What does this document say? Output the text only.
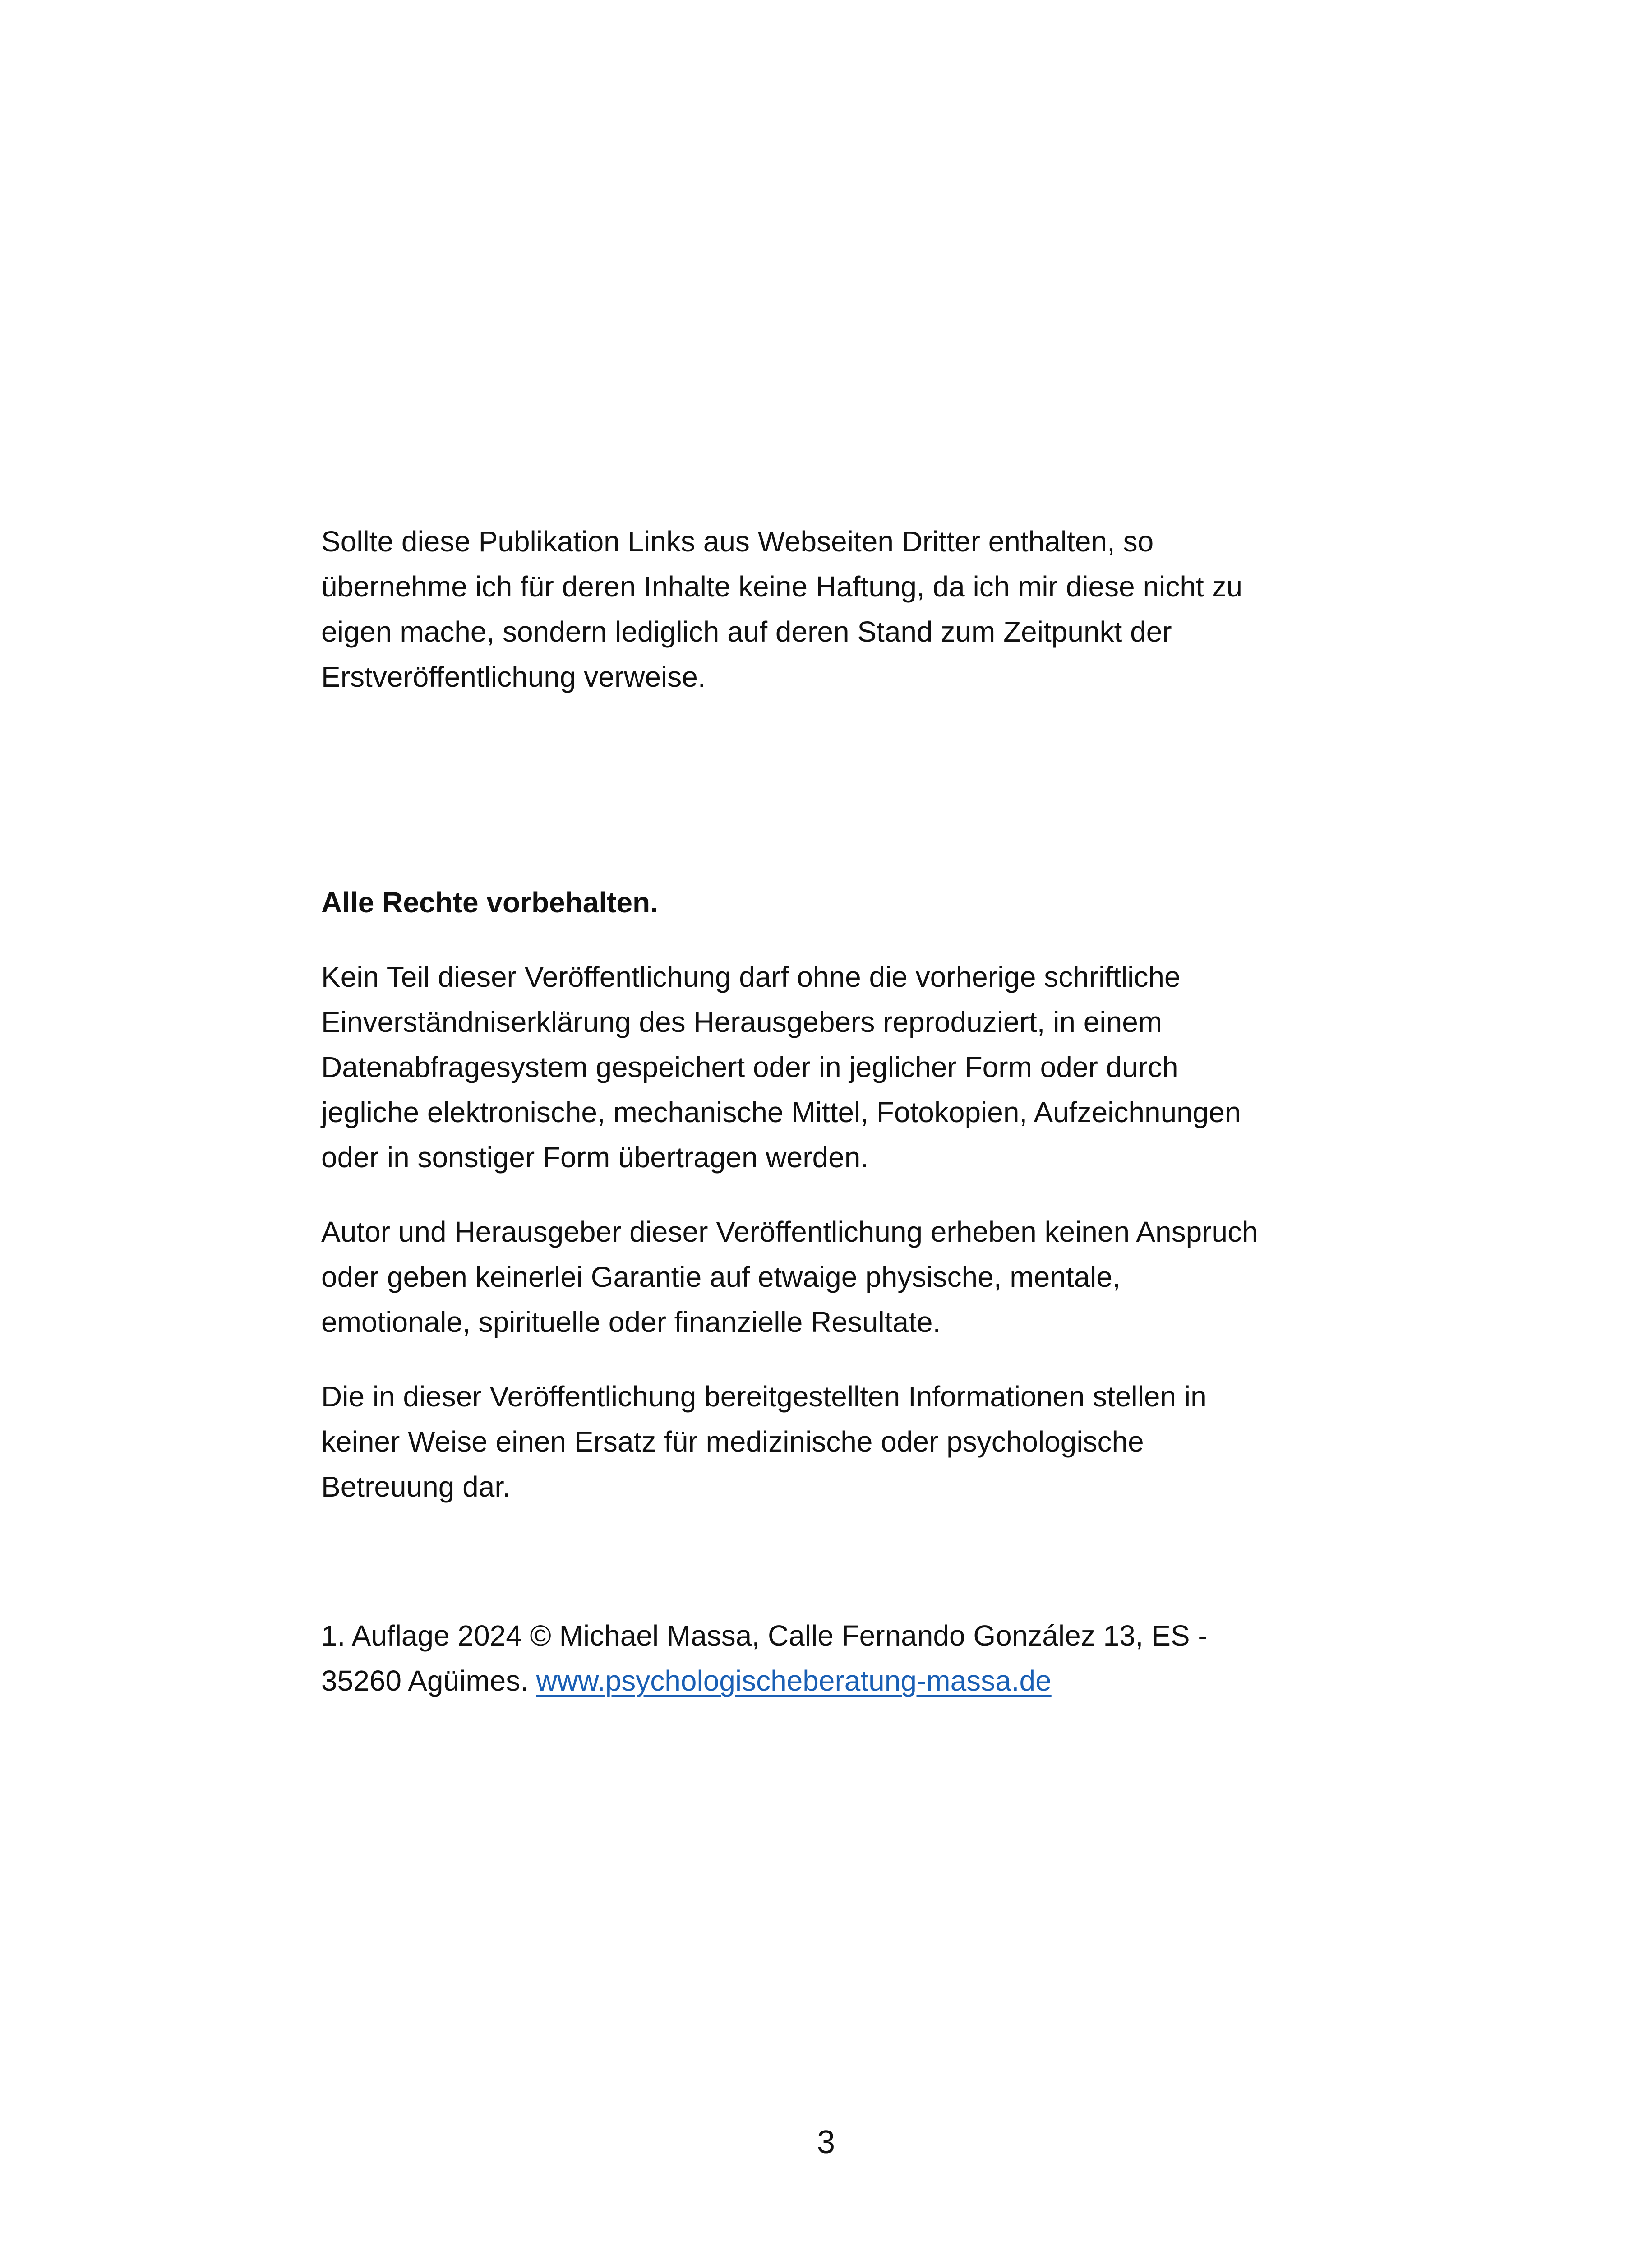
Sollte diese Publikation Links aus Webseiten Dritter enthalten, so
übernehme ich für deren Inhalte keine Haftung, da ich mir diese nicht zu
eigen mache, sondern lediglich auf deren Stand zum Zeitpunkt der
Erstveröffentlichung verweise.

Alle Rechte vorbehalten.

Kein Teil dieser Veröffentlichung darf ohne die vorherige schriftliche
Einverständniserklärung des Herausgebers reproduziert, in einem
Datenabfragesystem gespeichert oder in jeglicher Form oder durch
jegliche elektronische, mechanische Mittel, Fotokopien, Aufzeichnungen
oder in sonstiger Form übertragen werden.

Autor und Herausgeber dieser Veröffentlichung erheben keinen Anspruch
oder geben keinerlei Garantie auf etwaige physische, mentale,
emotionale, spirituelle oder finanzielle Resultate.

Die in dieser Veröffentlichung bereitgestellten Informationen stellen in
keiner Weise einen Ersatz für medizinische oder psychologische
Betreuung dar.

1. Auflage 2024 © Michael Massa, Calle Fernando González 13, ES -
35260 Agüimes. www.psychologischeberatung-massa.de

3
